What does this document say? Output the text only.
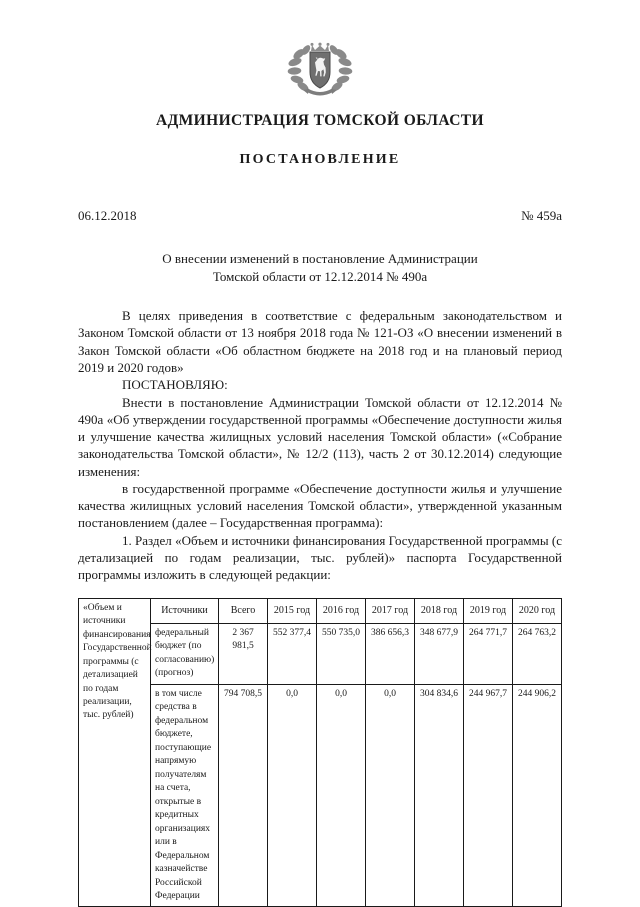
АДМИНИСТРАЦИЯ ТОМСКОЙ ОБЛАСТИ
ПОСТАНОВЛЕНИЕ
06.12.2018	№ 459а
О внесении изменений в постановление Администрации
Томской области от 12.12.2014 № 490а

В целях приведения в соответствие с федеральным законодательством и Законом Томской области от 13 ноября 2018 года № 121-ОЗ «О внесении изменений в Закон Томской области «Об областном бюджете на 2018 год и на плановый период 2019 и 2020 годов»

ПОСТАНОВЛЯЮ:

Внести в постановление Администрации Томской области от 12.12.2014 № 490а «Об утверждении государственной программы «Обеспечение доступности жилья и улучшение качества жилищных условий населения Томской области» («Собрание законодательства Томской области», № 12/2 (113), часть 2 от 30.12.2014) следующие изменения:

в государственной программе «Обеспечение доступности жилья и улучшение качества жилищных условий населения Томской области», утвержденной указанным постановлением (далее – Государственная программа):

1. Раздел «Объем и источники финансирования Государственной программы (с детализацией по годам реализации, тыс. рублей)» паспорта Государственной программы изложить в следующей редакции:

«Объем и источники финансирования Государственной программы (с детализацией по годам реализации, тыс. рублей)	Источники	Всего	2015 год	2016 год	2017 год	2018 год	2019 год	2020 год
	федеральный бюджет (по согласованию) (прогноз)	2 367 981,5	552 377,4	550 735,0	386 656,3	348 677,9	264 771,7	264 763,2
	в том числе средства в федеральном бюджете, поступающие напрямую получателям на счета, открытые в кредитных организациях или в Федеральном казначействе Российской Федерации	794 708,5	0,0	0,0	0,0	304 834,6	244 967,7	244 906,2
